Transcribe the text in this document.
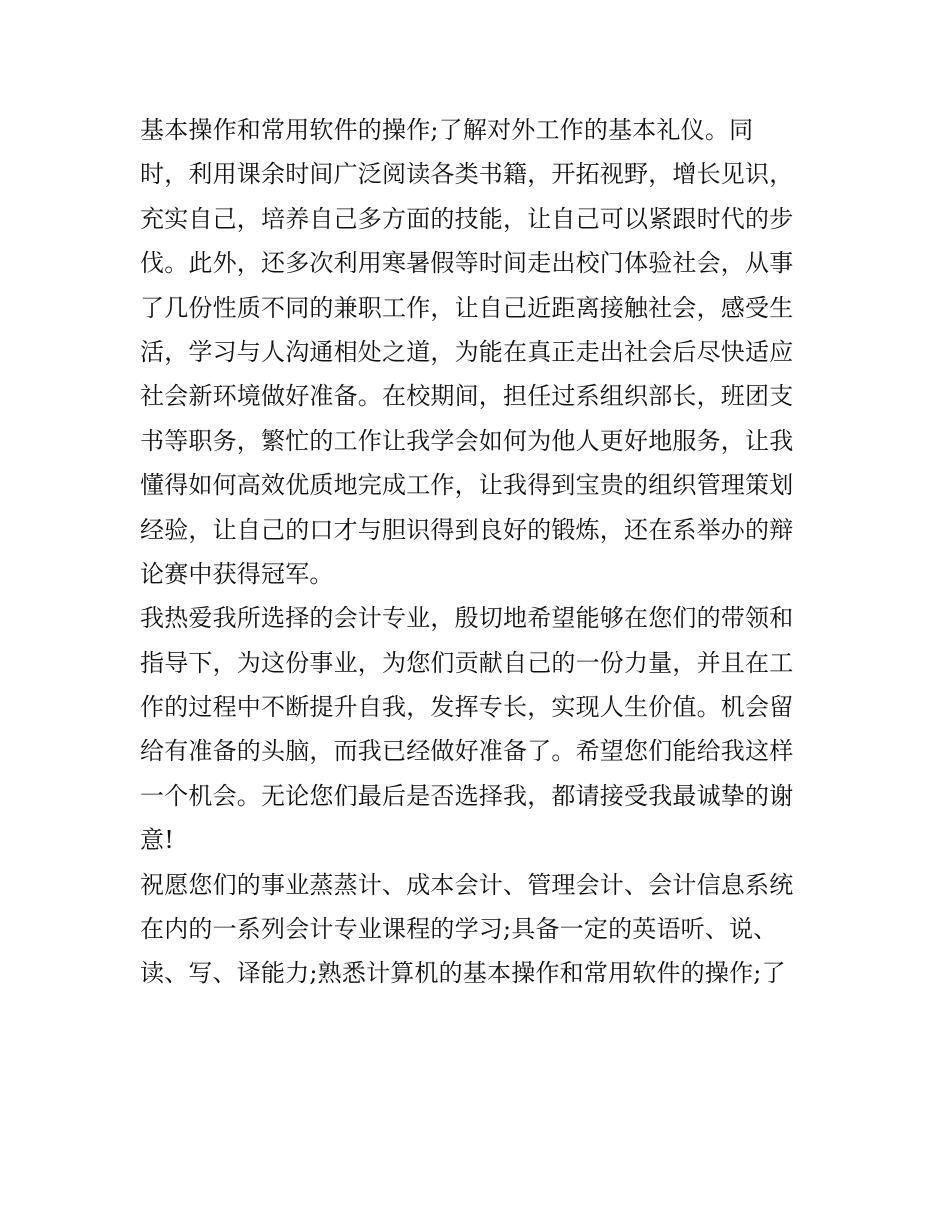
基本操作和常用软件的操作;了解对外工作的基本礼仪。同
时，利用课余时间广泛阅读各类书籍，开拓视野，增长见识，
充实自己，培养自己多方面的技能，让自己可以紧跟时代的步
伐。此外，还多次利用寒暑假等时间走出校门体验社会，从事
了几份性质不同的兼职工作，让自己近距离接触社会，感受生
活，学习与人沟通相处之道，为能在真正走出社会后尽快适应
社会新环境做好准备。在校期间，担任过系组织部长，班团支
书等职务，繁忙的工作让我学会如何为他人更好地服务，让我
懂得如何高效优质地完成工作，让我得到宝贵的组织管理策划
经验，让自己的口才与胆识得到良好的锻炼，还在系举办的辩
论赛中获得冠军。
我热爱我所选择的会计专业，殷切地希望能够在您们的带领和
指导下，为这份事业，为您们贡献自己的一份力量，并且在工
作的过程中不断提升自我，发挥专长，实现人生价值。机会留
给有准备的头脑，而我已经做好准备了。希望您们能给我这样
一个机会。无论您们最后是否选择我，都请接受我最诚挚的谢
意!
祝愿您们的事业蒸蒸计、成本会计、管理会计、会计信息系统
在内的一系列会计专业课程的学习;具备一定的英语听、说、
读、写、译能力;熟悉计算机的基本操作和常用软件的操作;了
